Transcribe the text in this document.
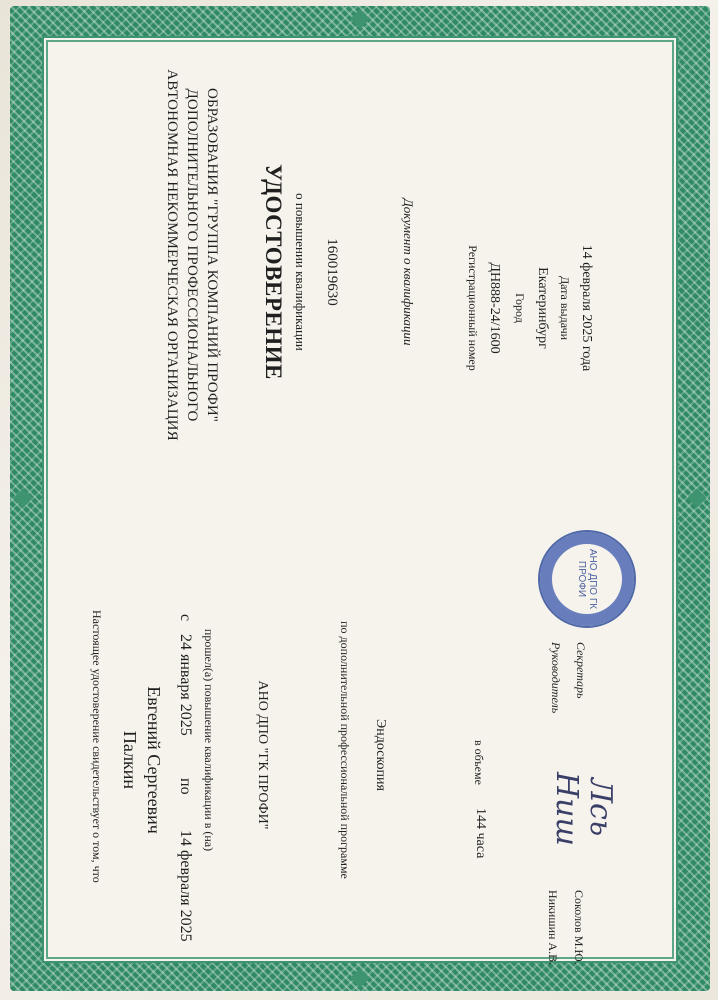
АВТОНОМНАЯ НЕКОММЕРЧЕСКАЯ ОРГАНИЗАЦИЯ ДОПОЛНИТЕЛЬНОГО ПРОФЕССИОНАЛЬНОГО ОБРАЗОВАНИЯ "ГРУППА КОМПАНИЙ ПРОФИ" УДОСТОВЕРЕНИЕ о повышении квалификации 160019630	Документ о квалификации	Регистрационный номер ДН888-24/1600 Город Екатеринбург Дата выдачи 14 февраля 2025 года
Настоящее удостоверение свидетельствует о том, что Палкин Евгений Сергеевич
с
24 января 2025
по
14 февраля 2025
прошел(а) повышение квалификации в (на)	АНО ДПО "ГК ПРОФИ"	по дополнительной профессиональной программе Эндоскопия	в объеме
144 часа
Руководитель Секретарь
Ниш Лсь
Никишин А.В. Соколов М.Ю.
АНО ДПО ГК ПРОФИ
